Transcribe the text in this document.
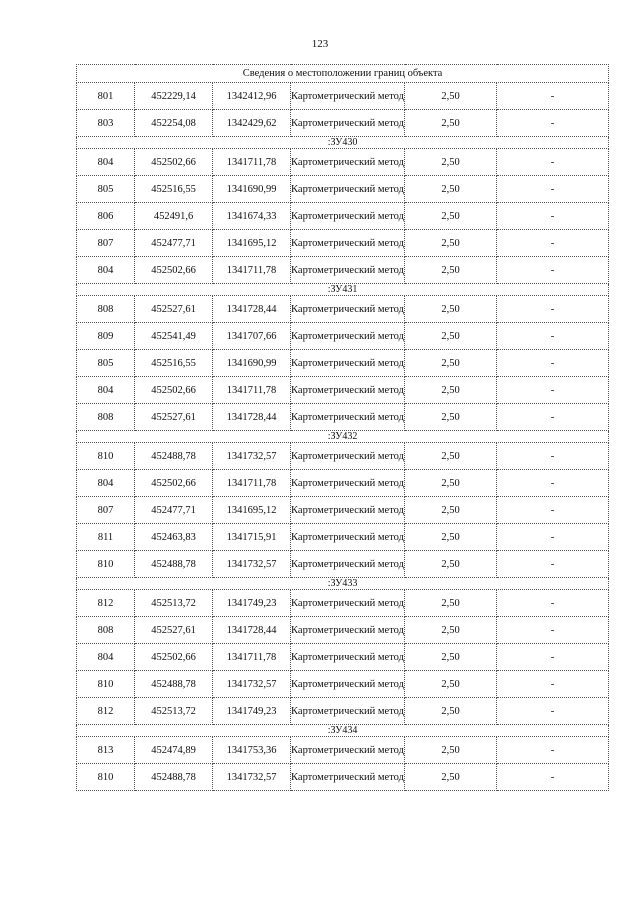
123
Сведения о местоположении границ объекта					
801	452229,14	1342412,96	Картометрический метод	2,50	-
803	452254,08	1342429,62	Картометрический метод	2,50	-
:ЗУ430					
804	452502,66	1341711,78	Картометрический метод	2,50	-
805	452516,55	1341690,99	Картометрический метод	2,50	-
806	452491,6	1341674,33	Картометрический метод	2,50	-
807	452477,71	1341695,12	Картометрический метод	2,50	-
804	452502,66	1341711,78	Картометрический метод	2,50	-
:ЗУ431					
808	452527,61	1341728,44	Картометрический метод	2,50	-
809	452541,49	1341707,66	Картометрический метод	2,50	-
805	452516,55	1341690,99	Картометрический метод	2,50	-
804	452502,66	1341711,78	Картометрический метод	2,50	-
808	452527,61	1341728,44	Картометрический метод	2,50	-
:ЗУ432					
810	452488,78	1341732,57	Картометрический метод	2,50	-
804	452502,66	1341711,78	Картометрический метод	2,50	-
807	452477,71	1341695,12	Картометрический метод	2,50	-
811	452463,83	1341715,91	Картометрический метод	2,50	-
810	452488,78	1341732,57	Картометрический метод	2,50	-
:ЗУ433					
812	452513,72	1341749,23	Картометрический метод	2,50	-
808	452527,61	1341728,44	Картометрический метод	2,50	-
804	452502,66	1341711,78	Картометрический метод	2,50	-
810	452488,78	1341732,57	Картометрический метод	2,50	-
812	452513,72	1341749,23	Картометрический метод	2,50	-
:ЗУ434					
813	452474,89	1341753,36	Картометрический метод	2,50	-
810	452488,78	1341732,57	Картометрический метод	2,50	-
